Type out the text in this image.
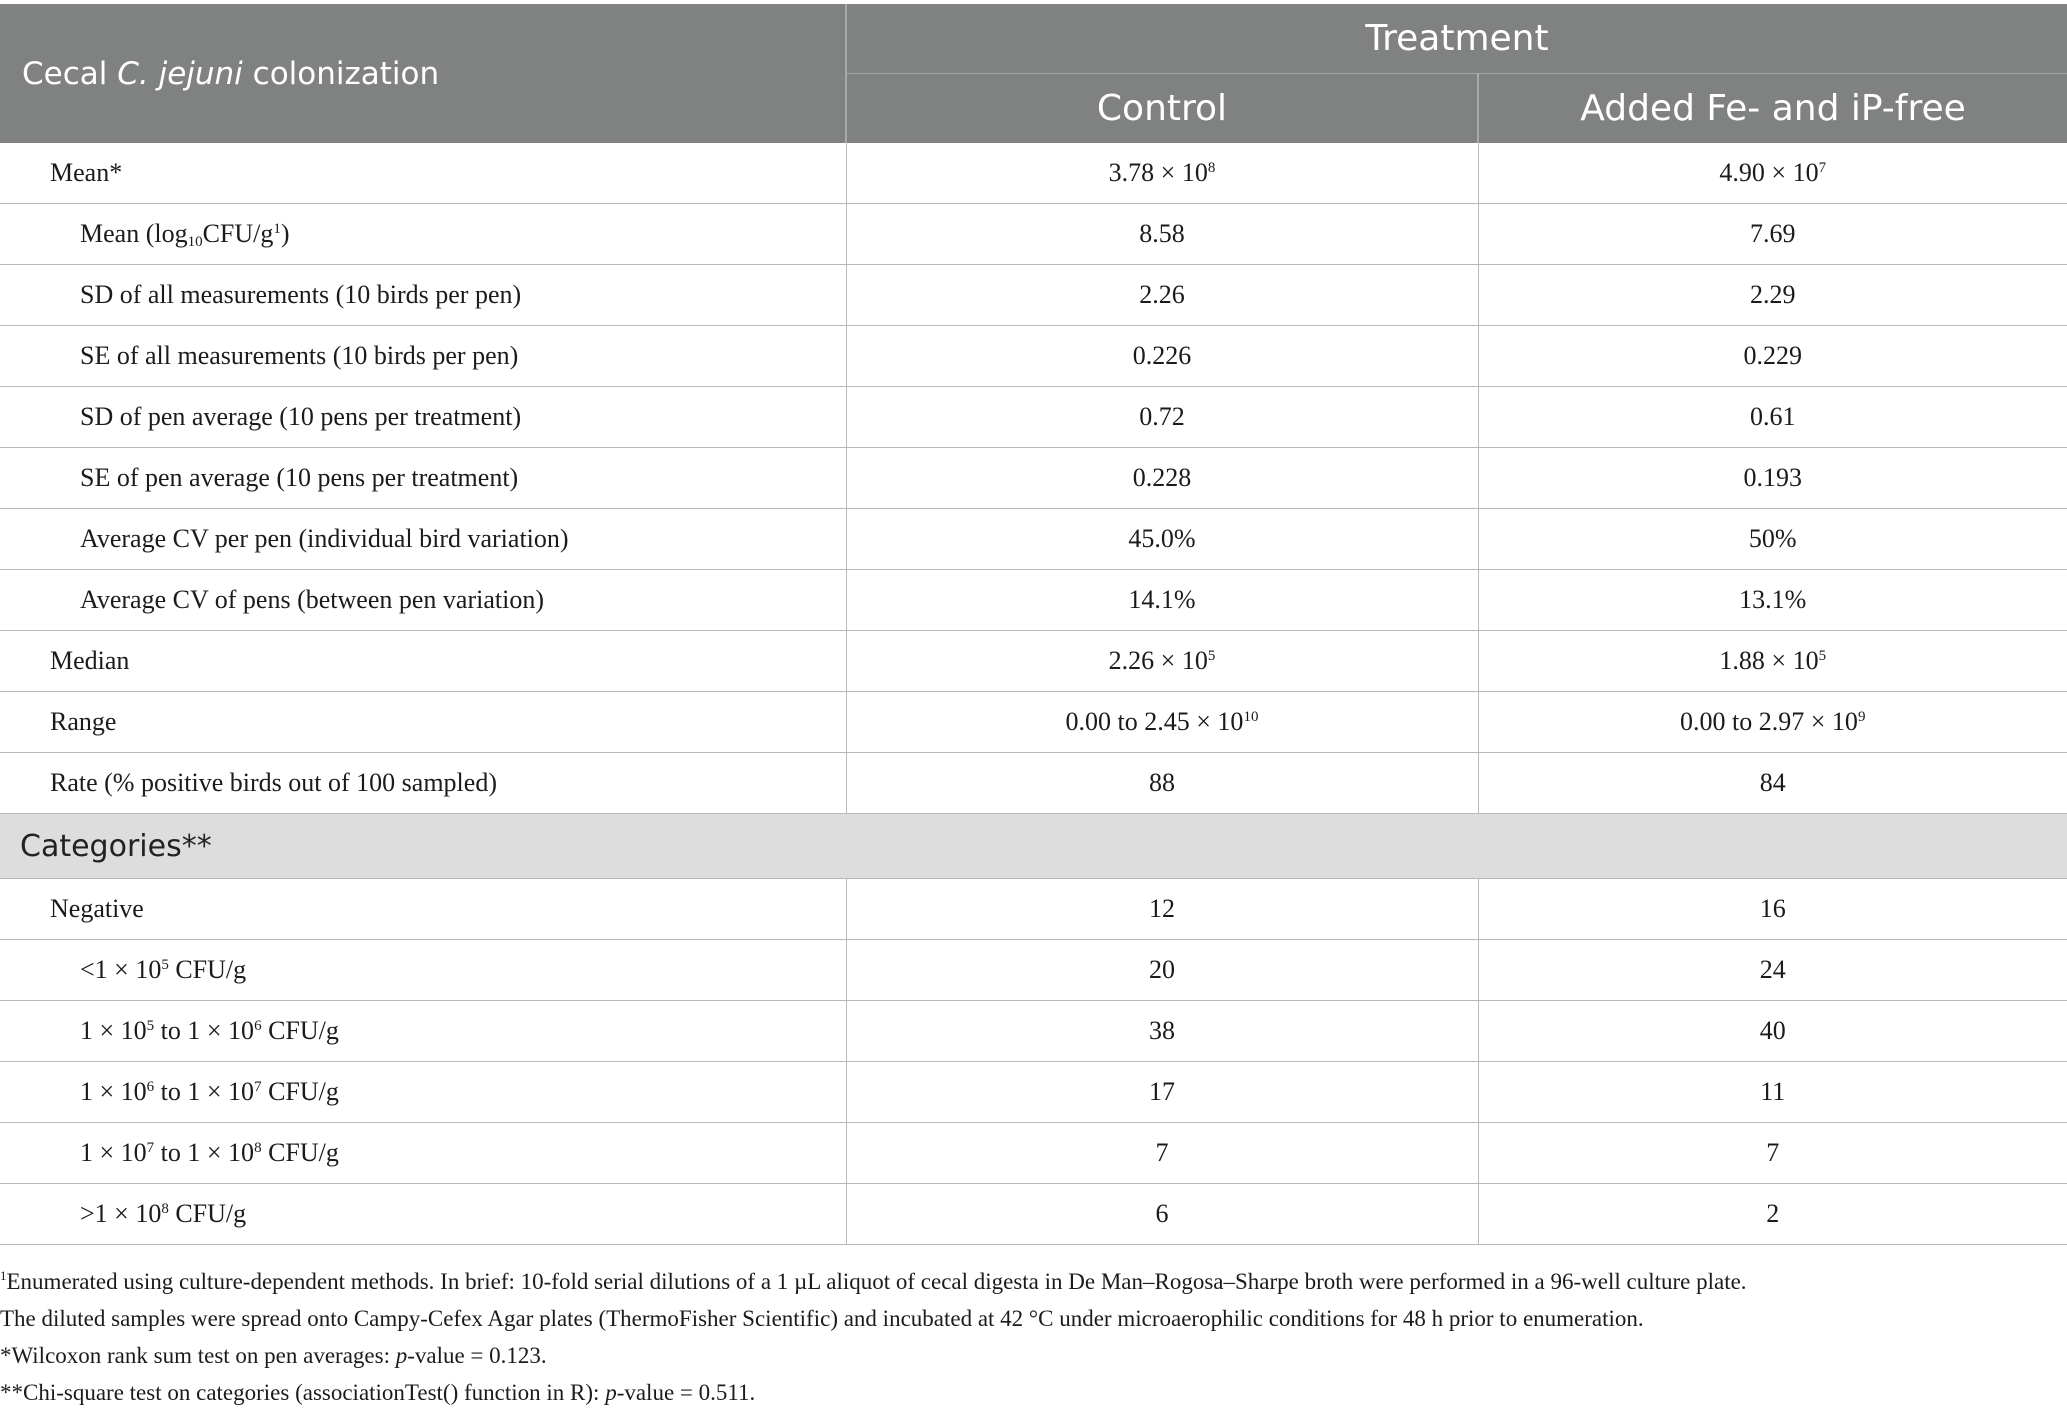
Cecal C. jejuni colonization	Treatment	
	Control	Added Fe- and iP-free
Mean*	$3.78 \times 10^8$	$4.90 \times 10^7$
Mean $(\log_{10}CFU/g^1)$	8.58	7.69
SD of all measurements (10 birds per pen)	2.26	2.29
SE of all measurements (10 birds per pen)	0.226	0.229
SD of pen average (10 pens per treatment)	0.72	0.61
SE of pen average (10 pens per treatment)	0.228	0.193
Average CV per pen (individual bird variation)	45.0%	50%
Average CV of pens (between pen variation)	14.1%	13.1%
Median	$2.26 \times 10^5$	$1.88 \times 10^5$
Range	0.00 to $2.45 \times 10^{10}$	0.00 to $2.97 \times 10^9$
Rate (% positive birds out of 100 sampled)	88	84
Categories**		
Negative	12	16
$<1 \times 10^5$ CFU/g	20	24
$1 \times 10^5$ to $1 \times 10^6$ CFU/g	38	40
$1 \times 10^6$ to $1 \times 10^7$ CFU/g	17	11
$1 \times 10^7$ to $1 \times 10^8$ CFU/g	7	7
$>1 \times 10^8$ CFU/g	6	2

$^1$Enumerated using culture-dependent methods. In brief: 10-fold serial dilutions of a 1 µL aliquot of cecal digesta in De Man–Rogosa–Sharpe broth were performed in a 96-well culture plate.

The diluted samples were spread onto Campy-Cefex Agar plates (ThermoFisher Scientific) and incubated at 42 °C under microaerophilic conditions for 48 h prior to enumeration.

*Wilcoxon rank sum test on pen averages: p-value = 0.123.

**Chi-square test on categories (associationTest() function in R): p-value = 0.511.
